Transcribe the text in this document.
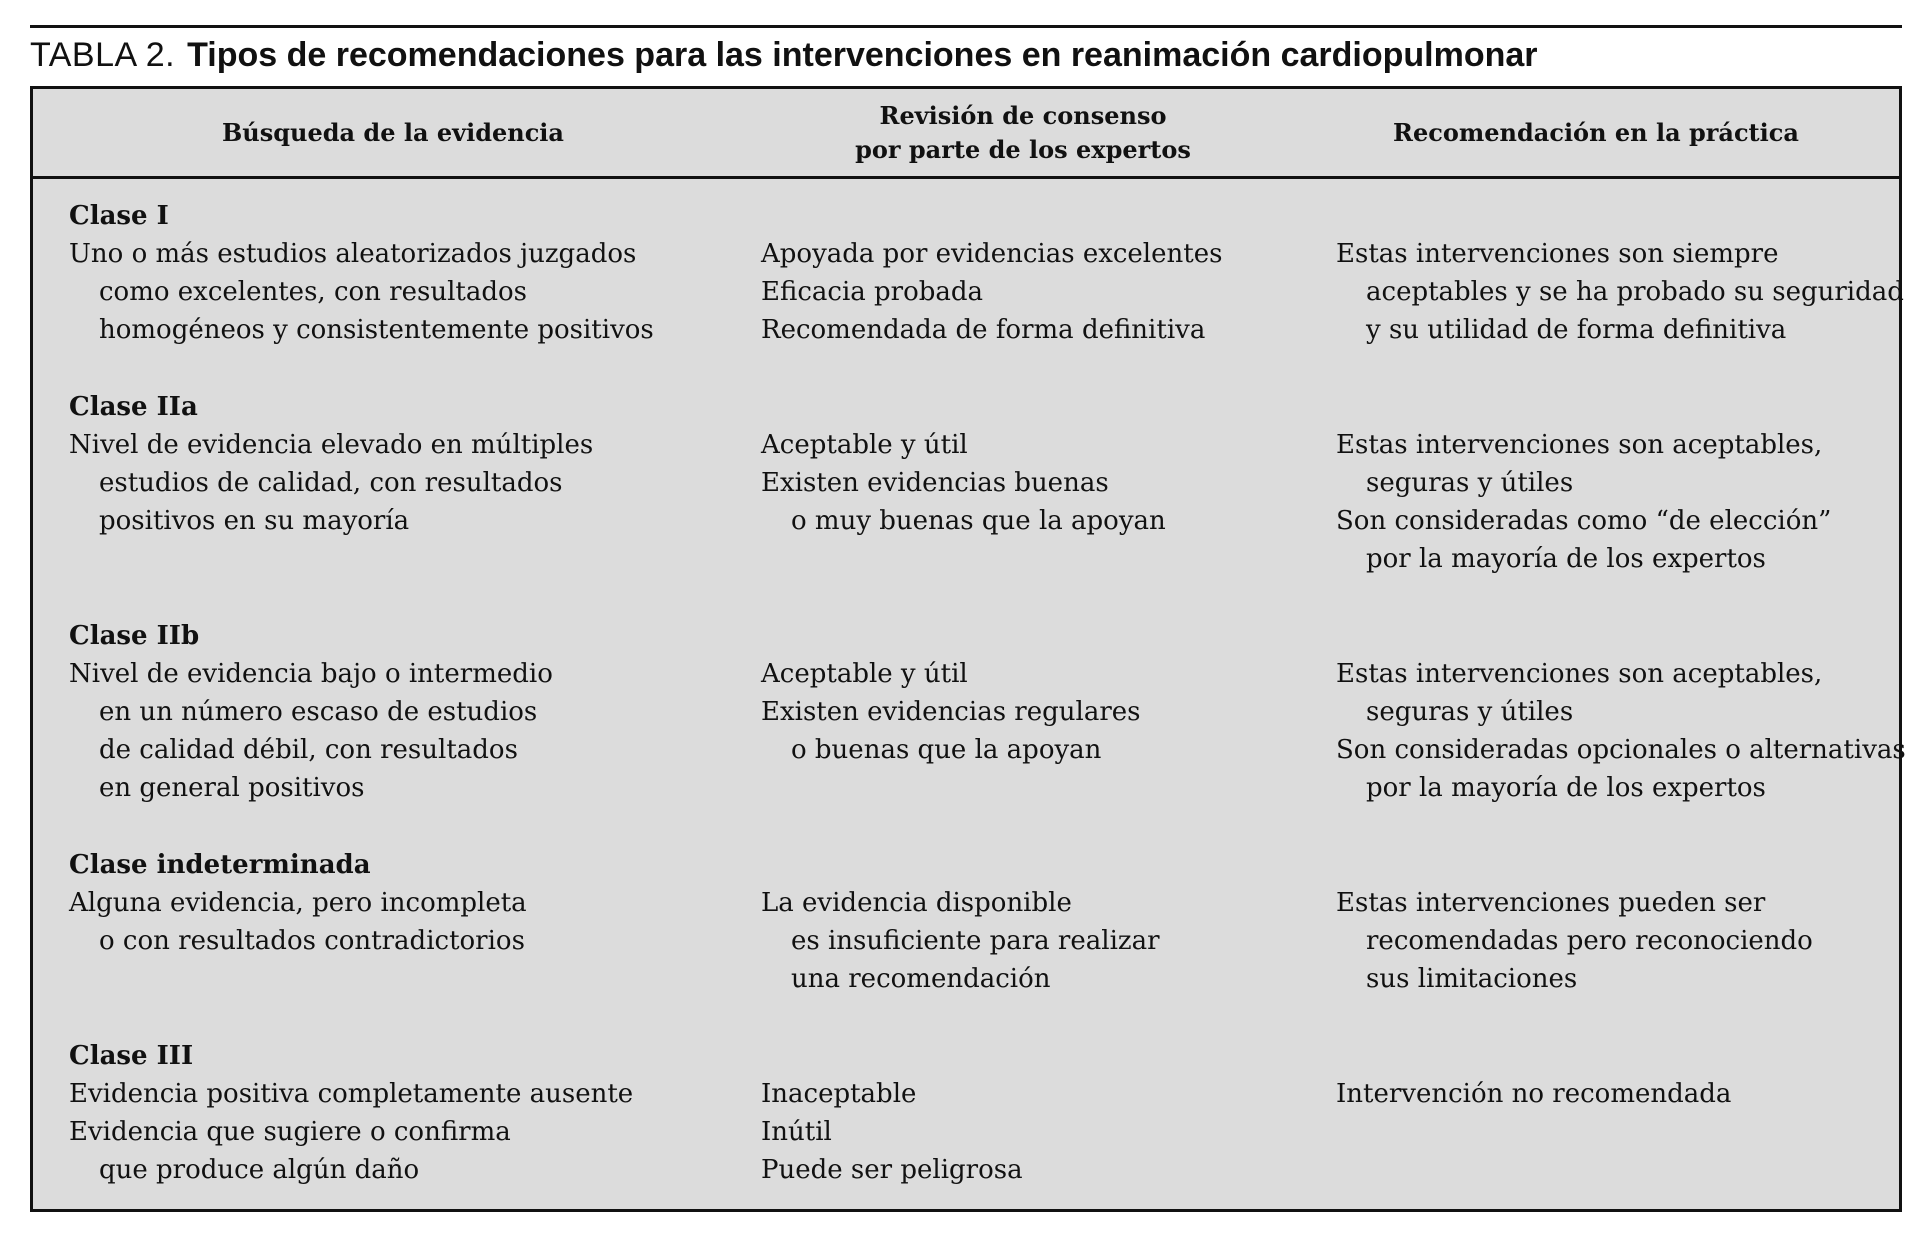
TABLA 2. Tipos de recomendaciones para las intervenciones en reanimación cardiopulmonar
Búsqueda de la evidencia
Revisión de consenso
por parte de los expertos
Recomendación en la práctica
Clase I
Uno o más estudios aleatorizados juzgados
como excelentes, con resultados
homogéneos y consistentemente positivos
Apoyada por evidencias excelentes
Eficacia probada
Recomendada de forma definitiva
Estas intervenciones son siempre
aceptables y se ha probado su seguridad
y su utilidad de forma definitiva
Clase IIa
Nivel de evidencia elevado en múltiples
estudios de calidad, con resultados
positivos en su mayoría
Aceptable y útil
Existen evidencias buenas
o muy buenas que la apoyan
Estas intervenciones son aceptables,
seguras y útiles
Son consideradas como “de elección”
por la mayoría de los expertos
Clase IIb
Nivel de evidencia bajo o intermedio
en un número escaso de estudios
de calidad débil, con resultados
en general positivos
Aceptable y útil
Existen evidencias regulares
o buenas que la apoyan
Estas intervenciones son aceptables,
seguras y útiles
Son consideradas opcionales o alternativas
por la mayoría de los expertos
Clase indeterminada
Alguna evidencia, pero incompleta
o con resultados contradictorios
La evidencia disponible
es insuficiente para realizar
una recomendación
Estas intervenciones pueden ser
recomendadas pero reconociendo
sus limitaciones
Clase III
Evidencia positiva completamente ausente
Evidencia que sugiere o confirma
que produce algún daño
Inaceptable
Inútil
Puede ser peligrosa
Intervención no recomendada
